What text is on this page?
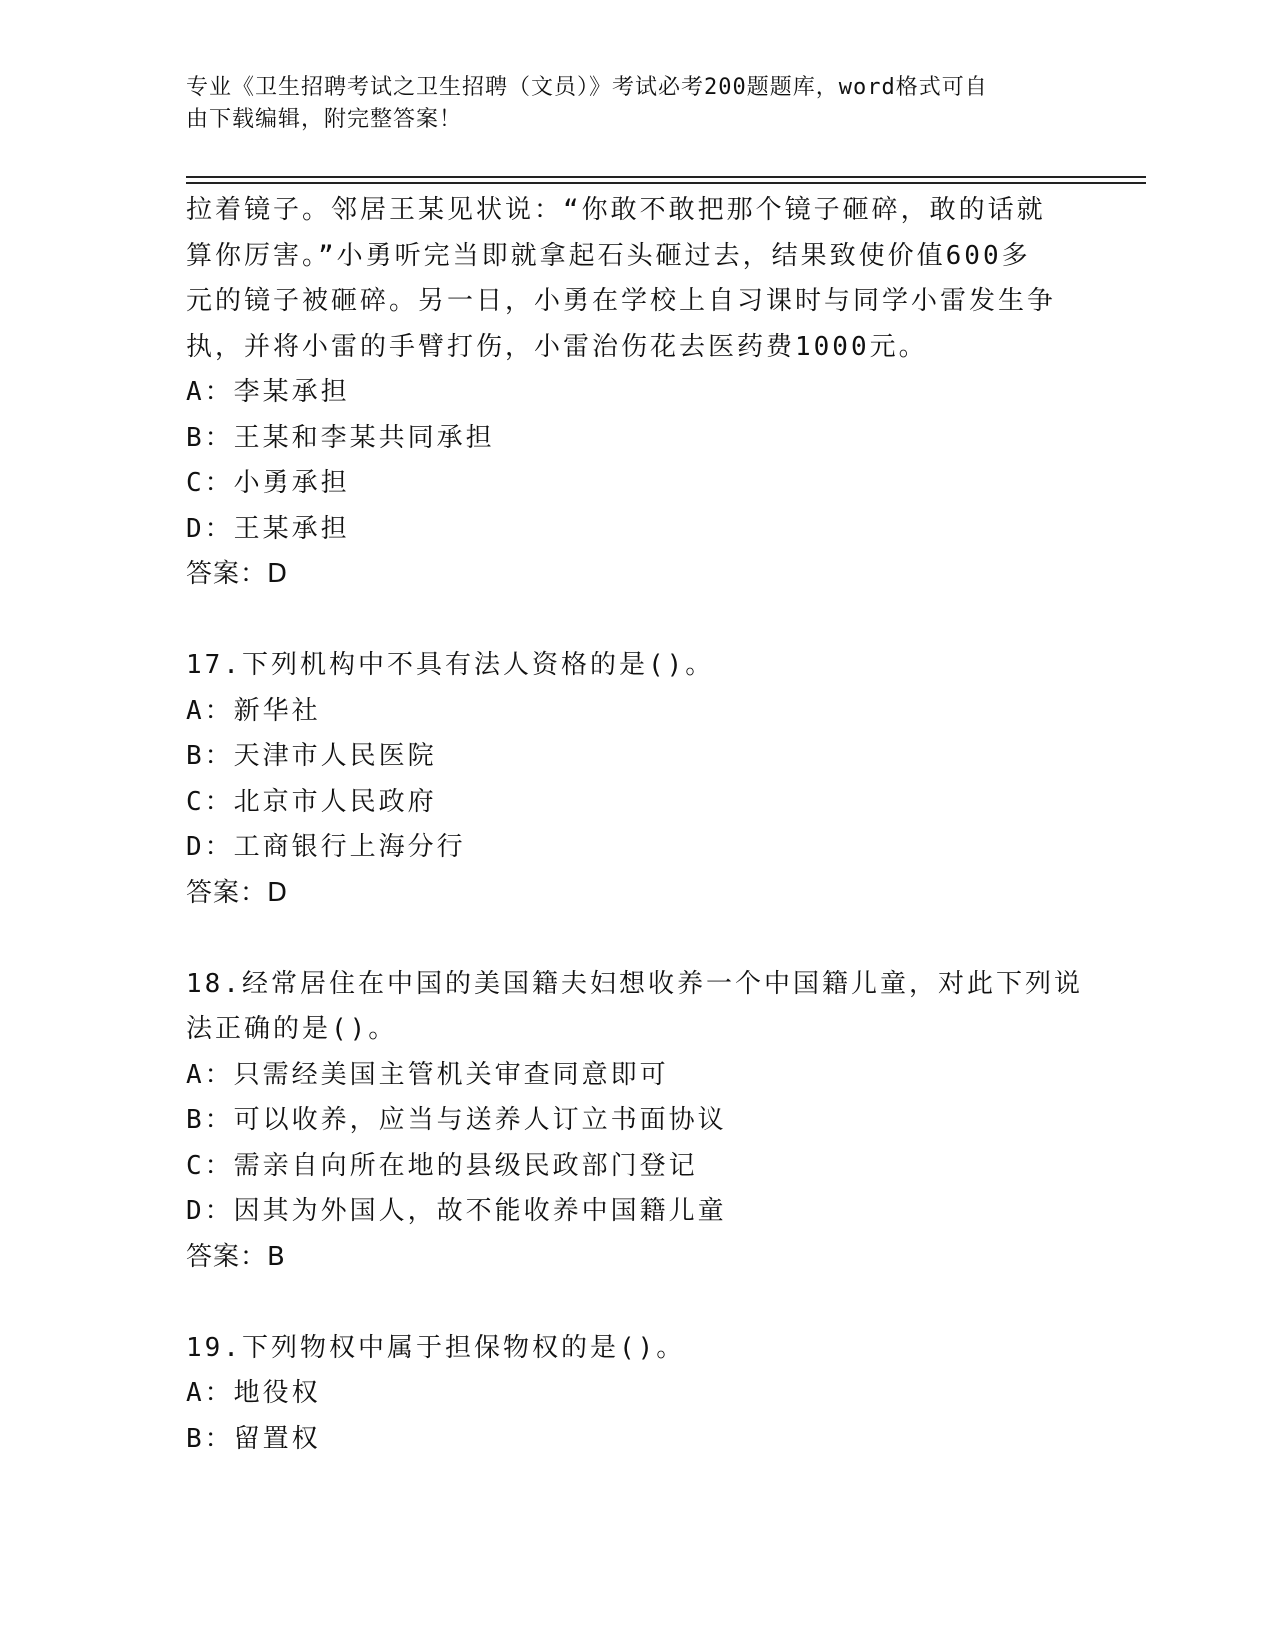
专业《卫生招聘考试之卫生招聘（文员）》考试必考200题题库，word格式可自
由下载编辑，附完整答案！
拉着镜子。邻居王某见状说：“你敢不敢把那个镜子砸碎，敢的话就
算你厉害。”小勇听完当即就拿起石头砸过去，结果致使价值600多
元的镜子被砸碎。另一日，小勇在学校上自习课时与同学小雷发生争
执，并将小雷的手臂打伤，小雷治伤花去医药费1000元。
A：李某承担
B：王某和李某共同承担
C：小勇承担
D：王某承担
答案：D
17.下列机构中不具有法人资格的是()。
A：新华社
B：天津市人民医院
C：北京市人民政府
D：工商银行上海分行
答案：D
18.经常居住在中国的美国籍夫妇想收养一个中国籍儿童，对此下列说
法正确的是()。
A：只需经美国主管机关审查同意即可
B：可以收养，应当与送养人订立书面协议
C：需亲自向所在地的县级民政部门登记
D：因其为外国人，故不能收养中国籍儿童
答案：B
19.下列物权中属于担保物权的是()。
A：地役权
B：留置权
